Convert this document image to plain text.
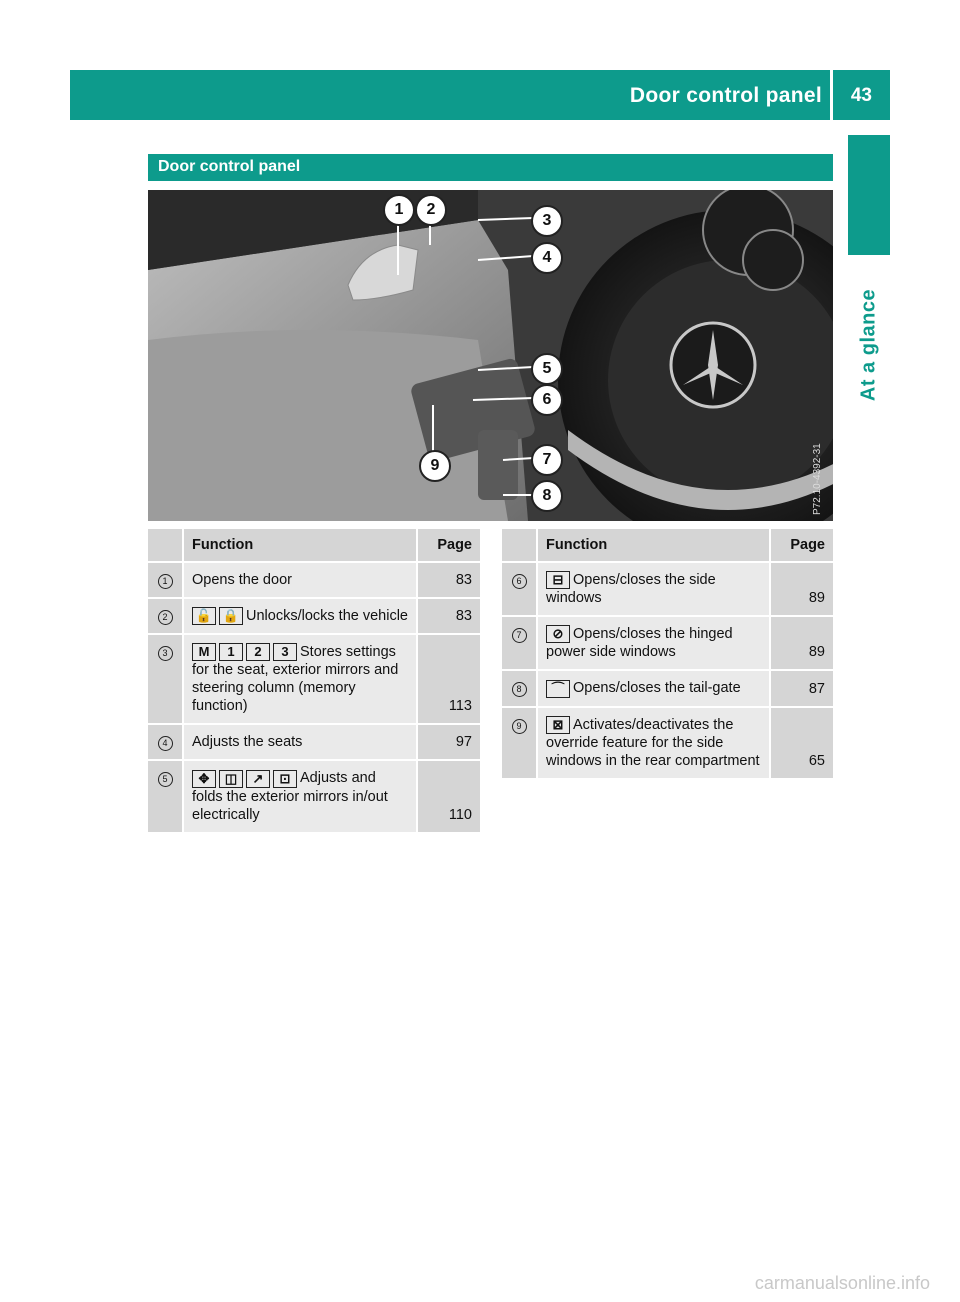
Door control panel 43
At a glance
Door control panel
P72.10-4392-31
1	2
3
4
5
6
7
8
9
	Function	Page
1	Opens the door	83
2	🔓 🔒 Unlocks/locks the vehicle	83
3	M 1 2 3 Stores settings for the seat, exterior mirrors and steering column (memory function)	113
4	Adjusts the seats	97
5	✥ ◫ ↗ ⊡ Adjusts and folds the exterior mirrors in/out electrically	110
	Function	Page
6	⊟ Opens/closes the side windows	89
7	⊘ Opens/closes the hinged power side windows	89
8	⌒ Opens/closes the tail-gate	87
9	⊠ Activates/deactivates the override feature for the side windows in the rear compartment	65
carmanualsonline.info
